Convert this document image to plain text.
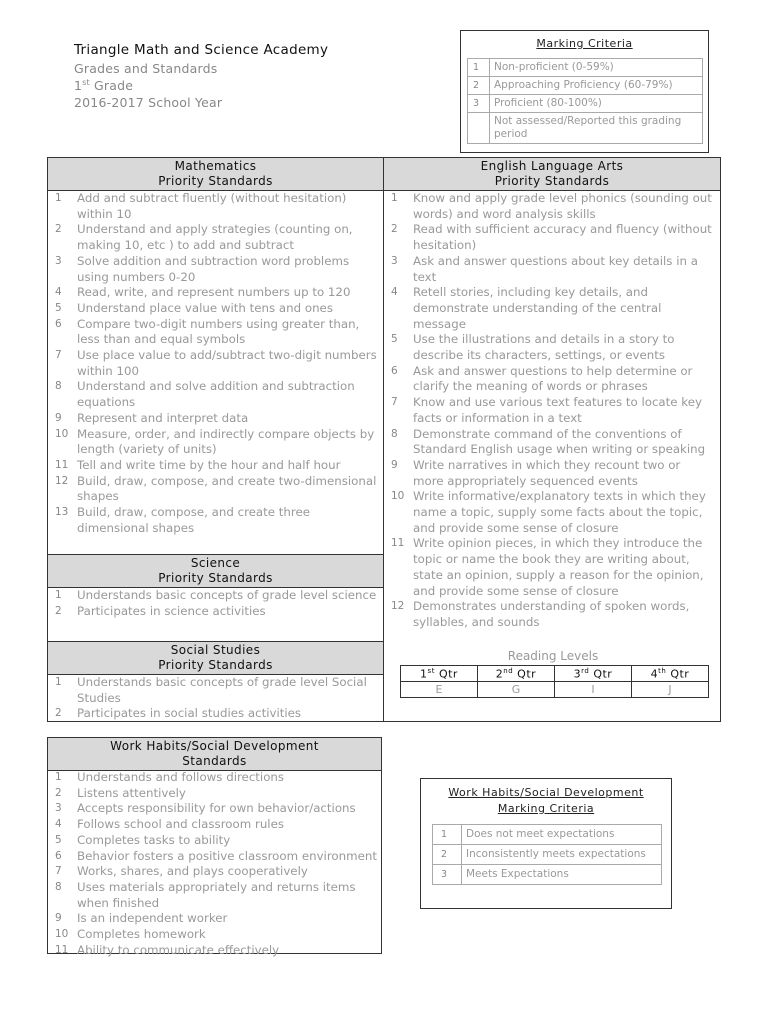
Triangle Math and Science Academy
Grades and Standards
1st Grade
2016-2017 School Year
Marking Criteria
1	Non-proficient (0-59%)
2	Approaching Proficiency (60-79%)
3	Proficient (80-100%)
	Not assessed/Reported this grading period
Mathematics
Priority Standards
1 Add and subtract fluently (without hesitation) within 10
2 Understand and apply strategies (counting on, making 10, etc ) to add and subtract
3 Solve addition and subtraction word problems using numbers 0-20
4 Read, write, and represent numbers up to 120
5 Understand place value with tens and ones
6 Compare two-digit numbers using greater than, less than and equal symbols
7 Use place value to add/subtract two-digit numbers within 100
8 Understand and solve addition and subtraction equations
9 Represent and interpret data
10 Measure, order, and indirectly compare objects by length (variety of units)
11 Tell and write time by the hour and half hour
12 Build, draw, compose, and create two-dimensional shapes
13 Build, draw, compose, and create three dimensional shapes
Science
Priority Standards
1 Understands basic concepts of grade level science
2 Participates in science activities
Social Studies
Priority Standards
1 Understands basic concepts of grade level Social Studies
2 Participates in social studies activities
English Language Arts
Priority Standards
1 Know and apply grade level phonics (sounding out words) and word analysis skills
2 Read with sufficient accuracy and fluency (without hesitation)
3 Ask and answer questions about key details in a text
4 Retell stories, including key details, and demonstrate understanding of the central message
5 Use the illustrations and details in a story to describe its characters, settings, or events
6 Ask and answer questions to help determine or clarify the meaning of words or phrases
7 Know and use various text features to locate key facts or information in a text
8 Demonstrate command of the conventions of Standard English usage when writing or speaking
9 Write narratives in which they recount two or more appropriately sequenced events
10 Write informative/explanatory texts in which they name a topic, supply some facts about the topic, and provide some sense of closure
11 Write opinion pieces, in which they introduce the topic or name the book they are writing about, state an opinion, supply a reason for the opinion, and provide some sense of closure
12 Demonstrates understanding of spoken words, syllables, and sounds
Reading Levels
1st Qtr	2nd Qtr	3rd Qtr	4th Qtr
E	G	I	J
Work Habits/Social Development
Standards
1 Understands and follows directions
2 Listens attentively
3 Accepts responsibility for own behavior/actions
4 Follows school and classroom rules
5 Completes tasks to ability
6 Behavior fosters a positive classroom environment
7 Works, shares, and plays cooperatively
8 Uses materials appropriately and returns items when finished
9 Is an independent worker
10 Completes homework
11 Ability to communicate effectively
Work Habits/Social Development
Marking Criteria
1	Does not meet expectations
2	Inconsistently meets expectations
3	Meets Expectations
